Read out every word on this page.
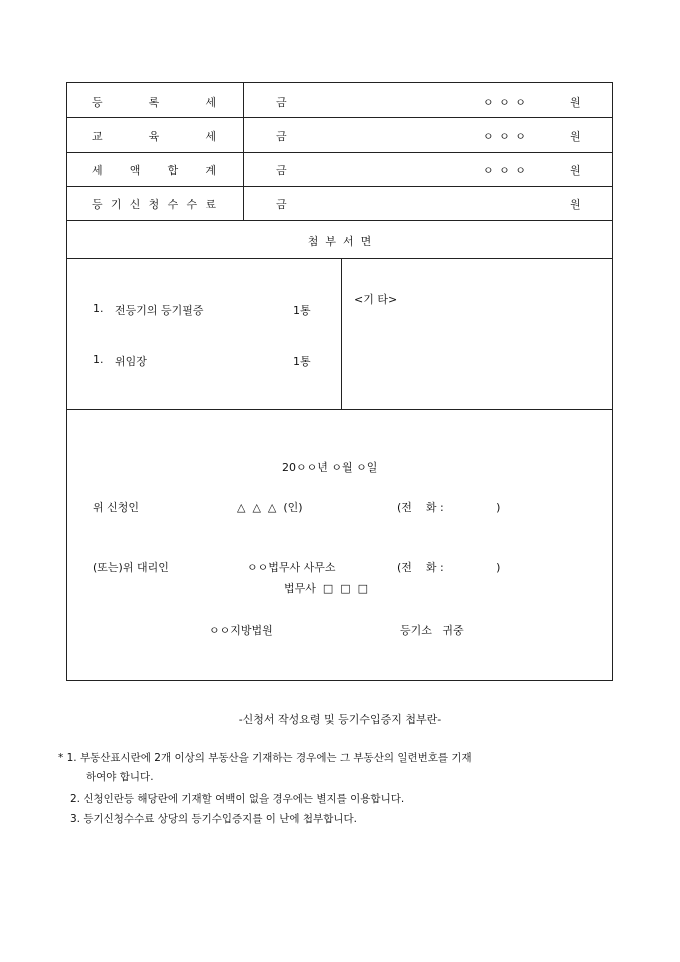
등	록	세	금	ㅇ ㅇ ㅇ	원
교	육	세	금	ㅇ ㅇ ㅇ	원
세 액 합 계	금	ㅇ ㅇ ㅇ	원
등 기 신 청 수 수 료	금	원
첨  부  서  면
1. 전등기의 등기필증	1통
1. 위임장	1통
<기 타>
20ㅇㅇ년 ㅇ월 ㅇ일
위 신청인	△  △  △  (인)	(전    화 :               )
(또는)위 대리인	ㅇㅇ법무사 사무소	(전    화 :               )
법무사  □  □  □
ㅇㅇ지방법원	등기소   귀중
-신청서 작성요령 및 등기수입증지 첩부란-
* 1. 부동산표시란에 2개 이상의 부동산을 기재하는 경우에는 그 부동산의 일련번호를 기재
하여야 합니다.
2. 신청인란등 해당란에 기재할 여백이 없을 경우에는 별지를 이용합니다.
3. 등기신청수수료 상당의 등기수입증지를 이 난에 첩부합니다.
